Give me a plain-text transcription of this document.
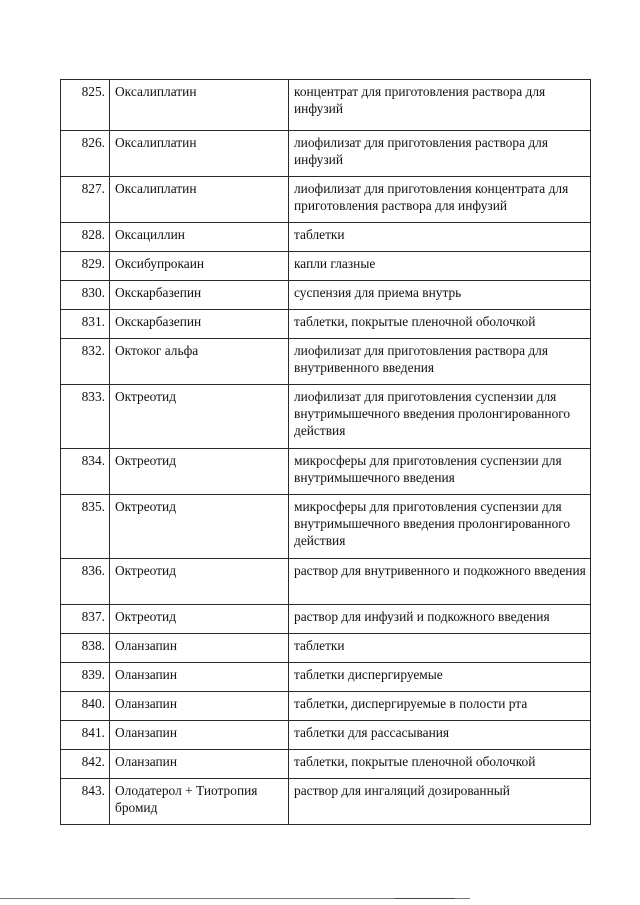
825.	Оксалиплатин	концентрат для приготовления раствора для инфузий
826.	Оксалиплатин	лиофилизат для приготовления раствора для инфузий
827.	Оксалиплатин	лиофилизат для приготовления концентрата для приготовления раствора для инфузий
828.	Оксациллин	таблетки
829.	Оксибупрокаин	капли глазные
830.	Окскарбазепин	суспензия для приема внутрь
831.	Окскарбазепин	таблетки, покрытые пленочной оболочкой
832.	Октоког альфа	лиофилизат для приготовления раствора для внутривенного введения
833.	Октреотид	лиофилизат для приготовления суспензии для внутримышечного введения пролонгированного действия
834.	Октреотид	микросферы для приготовления суспензии для внутримышечного введения
835.	Октреотид	микросферы для приготовления суспензии для внутримышечного введения пролонгированного действия
836.	Октреотид	раствор для внутривенного и подкожного введения
837.	Октреотид	раствор для инфузий и подкожного введения
838.	Оланзапин	таблетки
839.	Оланзапин	таблетки диспергируемые
840.	Оланзапин	таблетки, диспергируемые в полости рта
841.	Оланзапин	таблетки для рассасывания
842.	Оланзапин	таблетки, покрытые пленочной оболочкой
843.	Олодатерол + Тиотропия бромид	раствор для ингаляций дозированный
